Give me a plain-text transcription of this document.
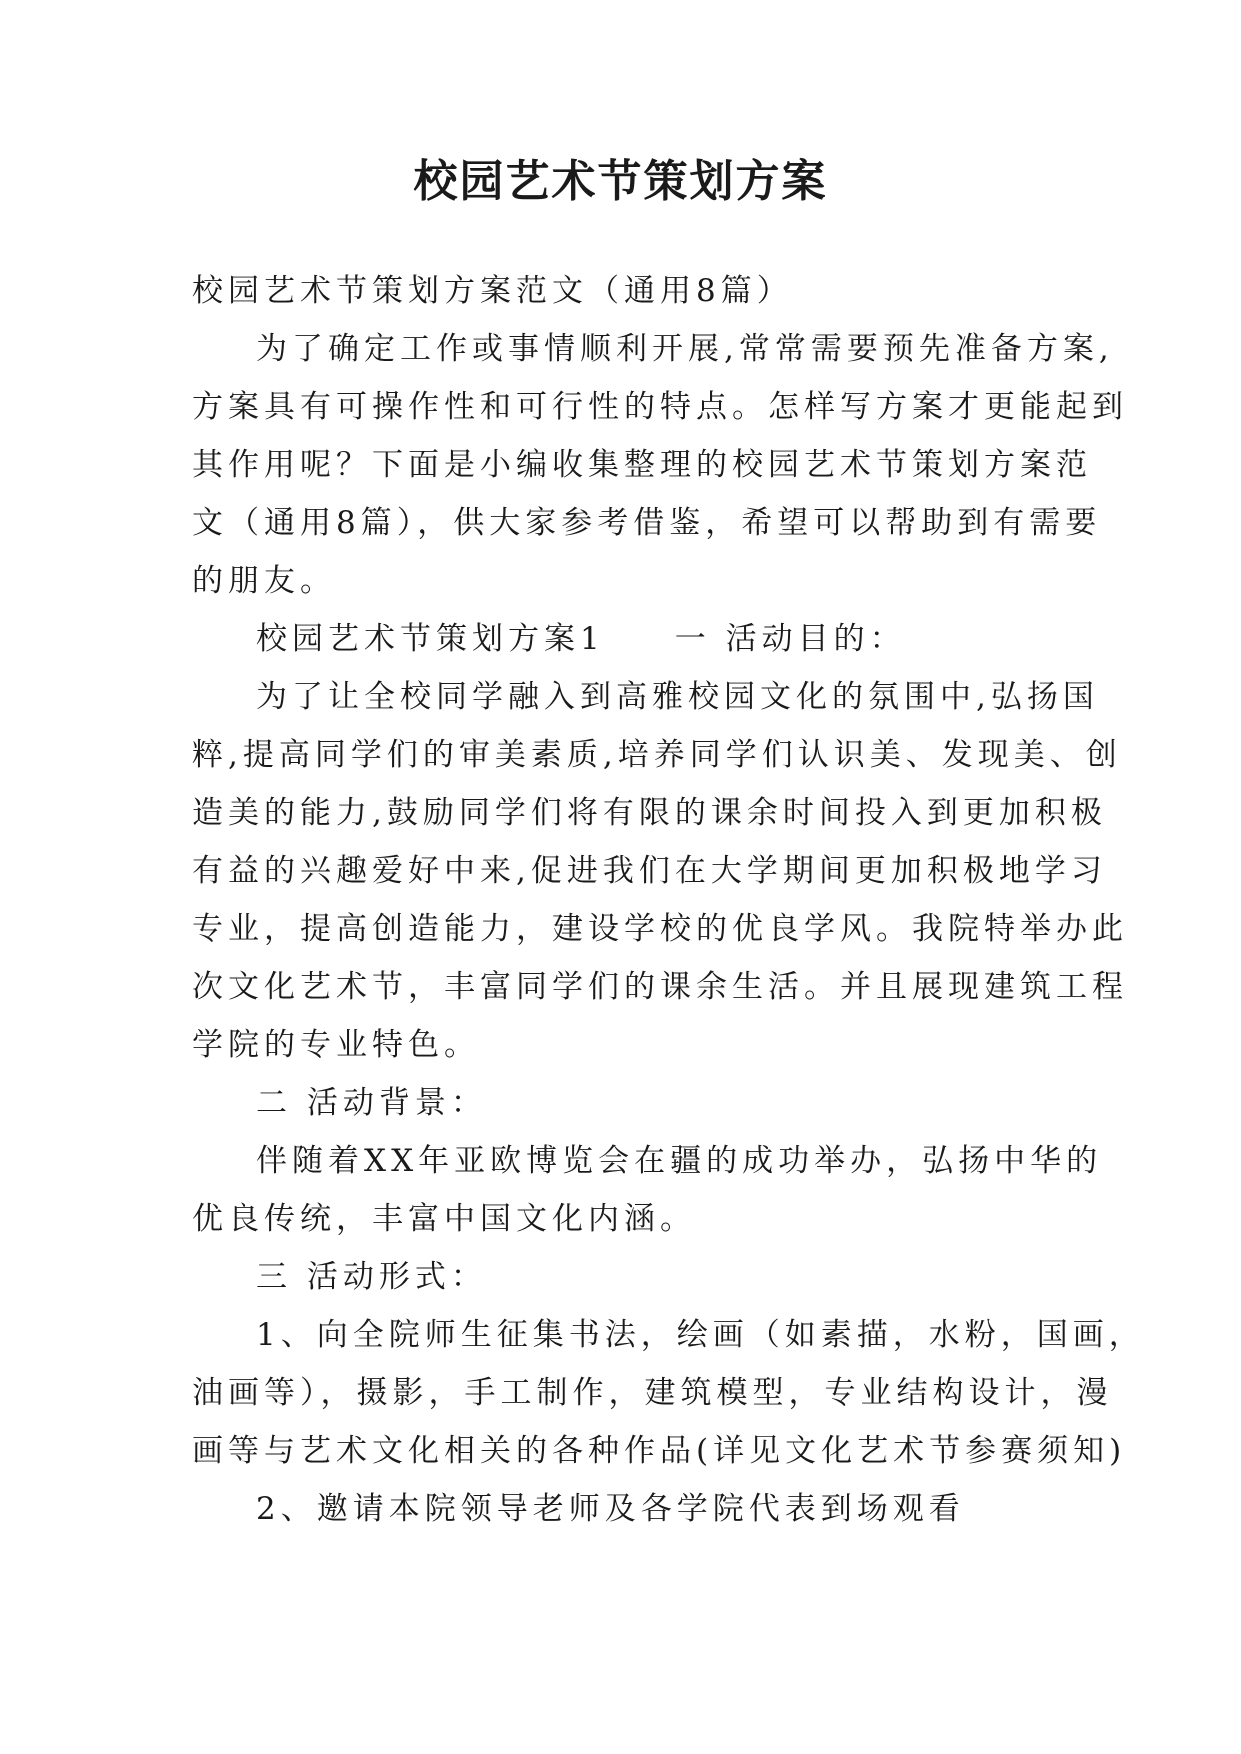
校园艺术节策划方案

校园艺术节策划方案范文（通用8篇）

为了确定工作或事情顺利开展,常常需要预先准备方案,

方案具有可操作性和可行性的特点。怎样写方案才更能起到

其作用呢？下面是小编收集整理的校园艺术节策划方案范

文（通用8篇），供大家参考借鉴，希望可以帮助到有需要

的朋友。

校园艺术节策划方案1 一 活动目的：

为了让全校同学融入到高雅校园文化的氛围中,弘扬国

粹,提高同学们的审美素质,培养同学们认识美、发现美、创

造美的能力,鼓励同学们将有限的课余时间投入到更加积极

有益的兴趣爱好中来,促进我们在大学期间更加积极地学习

专业，提高创造能力，建设学校的优良学风。我院特举办此

次文化艺术节，丰富同学们的课余生活。并且展现建筑工程

学院的专业特色。

二 活动背景：

伴随着XX年亚欧博览会在疆的成功举办，弘扬中华的

优良传统，丰富中国文化内涵。

三 活动形式：

1、向全院师生征集书法，绘画（如素描，水粉，国画，

油画等），摄影，手工制作，建筑模型，专业结构设计，漫

画等与艺术文化相关的各种作品(详见文化艺术节参赛须知)

2、邀请本院领导老师及各学院代表到场观看
